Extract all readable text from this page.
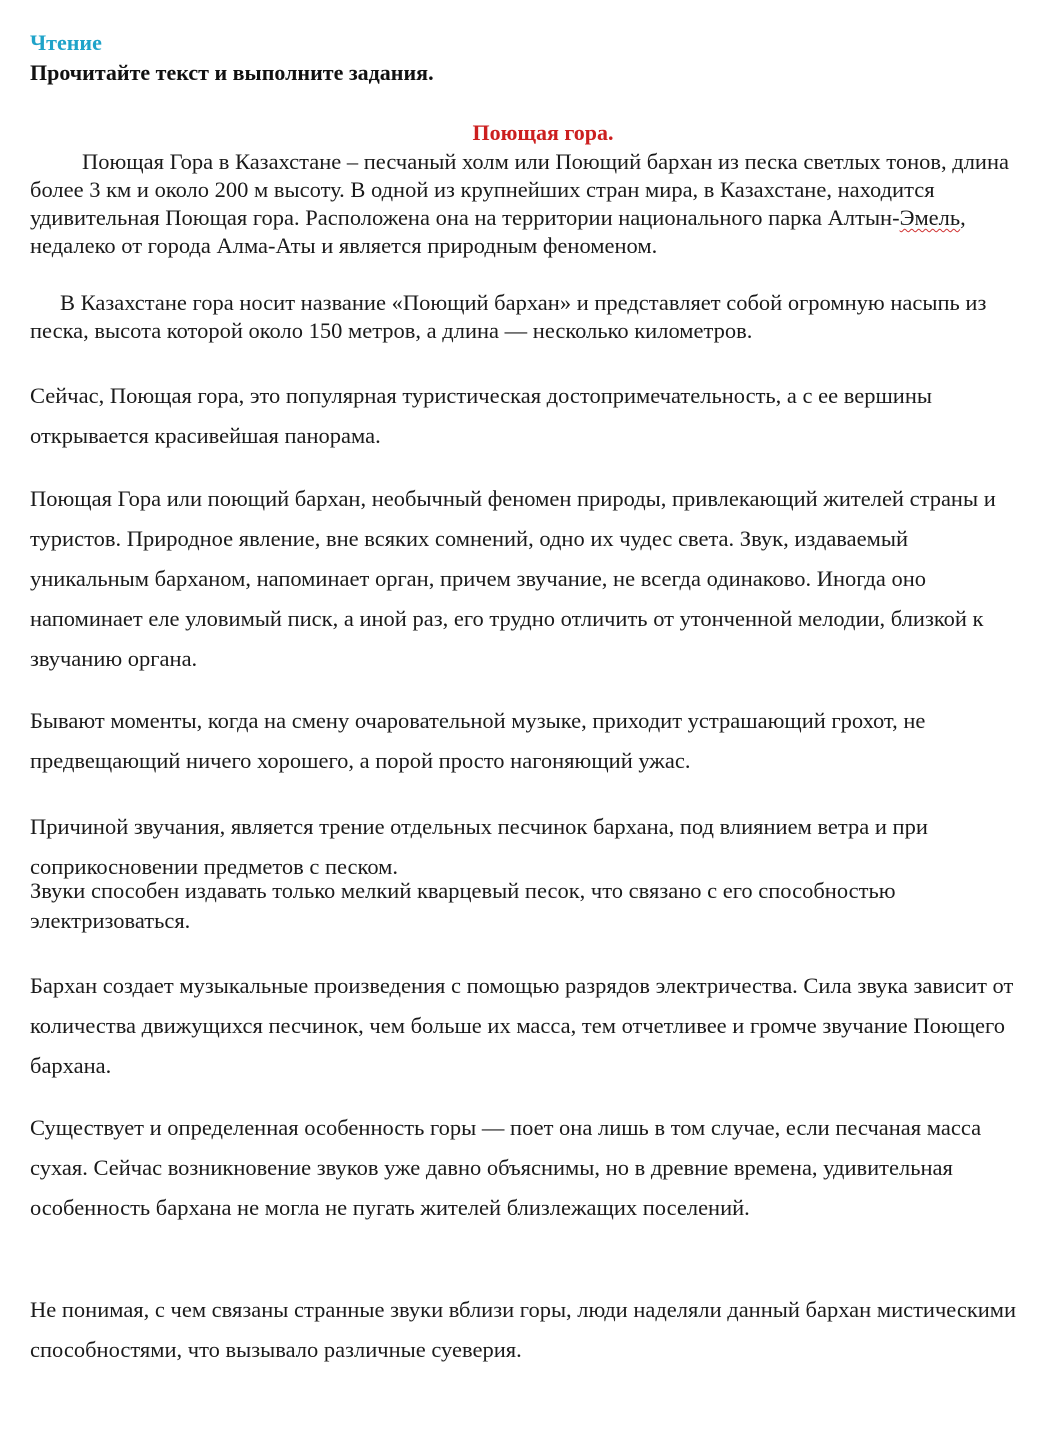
Чтение

Прочитайте текст и выполните задания.

Поющая гора.

Поющая Гора в Казахстане – песчаный холм или Поющий бархан из песка светлых тонов, длина более 3 км и около 200 м высоту. В одной из крупнейших стран мира, в Казахстане, находится удивительная Поющая гора. Расположена она на территории национального парка Алтын-Эмель, недалеко от города Алма-Аты и является природным феноменом.

В Казахстане гора носит название «Поющий бархан» и представляет собой огромную насыпь из песка, высота которой около 150 метров, а длина — несколько километров.

Сейчас, Поющая гора, это популярная туристическая достопримечательность, а с ее вершины открывается красивейшая панорама.

Поющая Гора или поющий бархан, необычный феномен природы, привлекающий жителей страны и туристов. Природное явление, вне всяких сомнений, одно их чудес света. Звук, издаваемый уникальным барханом, напоминает орган, причем звучание, не всегда одинаково. Иногда оно напоминает еле уловимый писк, а иной раз, его трудно отличить от утонченной мелодии, близкой к звучанию органа.

Бывают моменты, когда на смену очаровательной музыке, приходит устрашающий грохот, не предвещающий ничего хорошего, а порой просто нагоняющий ужас.

Причиной звучания, является трение отдельных песчинок бархана, под влиянием ветра и при соприкосновении предметов с песком.

Звуки способен издавать только мелкий кварцевый песок, что связано с его способностью электризоваться.

Бархан создает музыкальные произведения с помощью разрядов электричества. Сила звука зависит от количества движущихся песчинок, чем больше их масса, тем отчетливее и громче звучание Поющего бархана.

Существует и определенная особенность горы — поет она лишь в том случае, если песчаная масса сухая. Сейчас возникновение звуков уже давно объяснимы, но в древние времена, удивительная особенность бархана не могла не пугать жителей близлежащих поселений.

Не понимая, с чем связаны странные звуки вблизи горы, люди наделяли данный бархан мистическими способностями, что вызывало различные суеверия.
